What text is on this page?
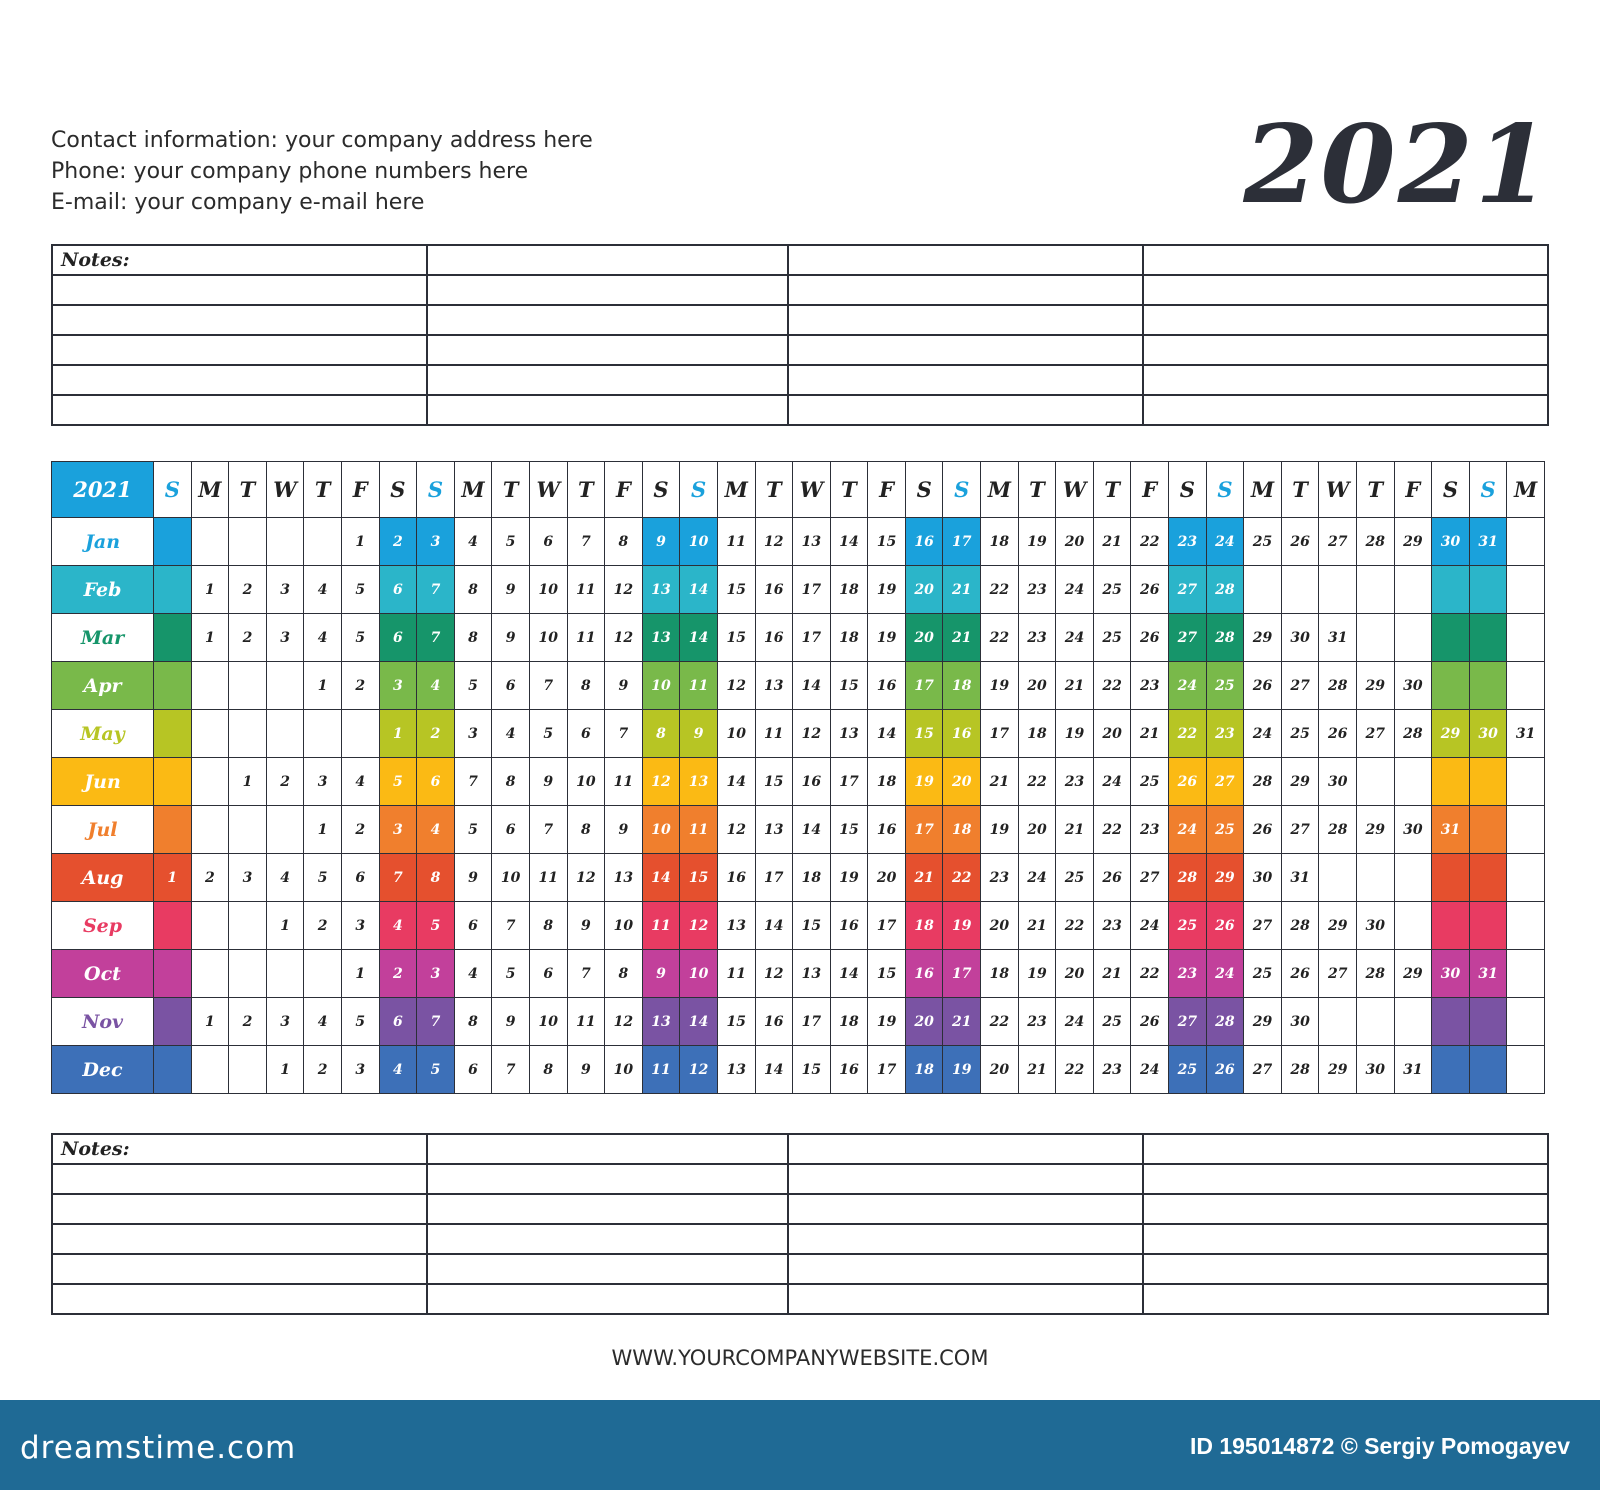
Contact information: your company address here
Phone: your company phone numbers here
E-mail: your company e-mail here	2021
Notes:			

2021	S	M	T	W	T	F	S	S	M	T	W	T	F	S	S	M	T	W	T	F	S	S	M	T	W	T	F	S	S	M	T	W	T	F	S	S	M
Jan						1	2	3	4	5	6	7	8	9	10	11	12	13	14	15	16	17	18	19	20	21	22	23	24	25	26	27	28	29	30	31	
Feb		1	2	3	4	5	6	7	8	9	10	11	12	13	14	15	16	17	18	19	20	21	22	23	24	25	26	27	28								
Mar		1	2	3	4	5	6	7	8	9	10	11	12	13	14	15	16	17	18	19	20	21	22	23	24	25	26	27	28	29	30	31					
Apr					1	2	3	4	5	6	7	8	9	10	11	12	13	14	15	16	17	18	19	20	21	22	23	24	25	26	27	28	29	30			
May							1	2	3	4	5	6	7	8	9	10	11	12	13	14	15	16	17	18	19	20	21	22	23	24	25	26	27	28	29	30	31
Jun			1	2	3	4	5	6	7	8	9	10	11	12	13	14	15	16	17	18	19	20	21	22	23	24	25	26	27	28	29	30					
Jul					1	2	3	4	5	6	7	8	9	10	11	12	13	14	15	16	17	18	19	20	21	22	23	24	25	26	27	28	29	30	31		
Aug	1	2	3	4	5	6	7	8	9	10	11	12	13	14	15	16	17	18	19	20	21	22	23	24	25	26	27	28	29	30	31						
Sep				1	2	3	4	5	6	7	8	9	10	11	12	13	14	15	16	17	18	19	20	21	22	23	24	25	26	27	28	29	30				
Oct						1	2	3	4	5	6	7	8	9	10	11	12	13	14	15	16	17	18	19	20	21	22	23	24	25	26	27	28	29	30	31	
Nov		1	2	3	4	5	6	7	8	9	10	11	12	13	14	15	16	17	18	19	20	21	22	23	24	25	26	27	28	29	30						
Dec				1	2	3	4	5	6	7	8	9	10	11	12	13	14	15	16	17	18	19	20	21	22	23	24	25	26	27	28	29	30	31			
Notes:			

WWW.YOURCOMPANYWEBSITE.COM
dreamstime.com	ID 195014872 © Sergiy Pomogayev
